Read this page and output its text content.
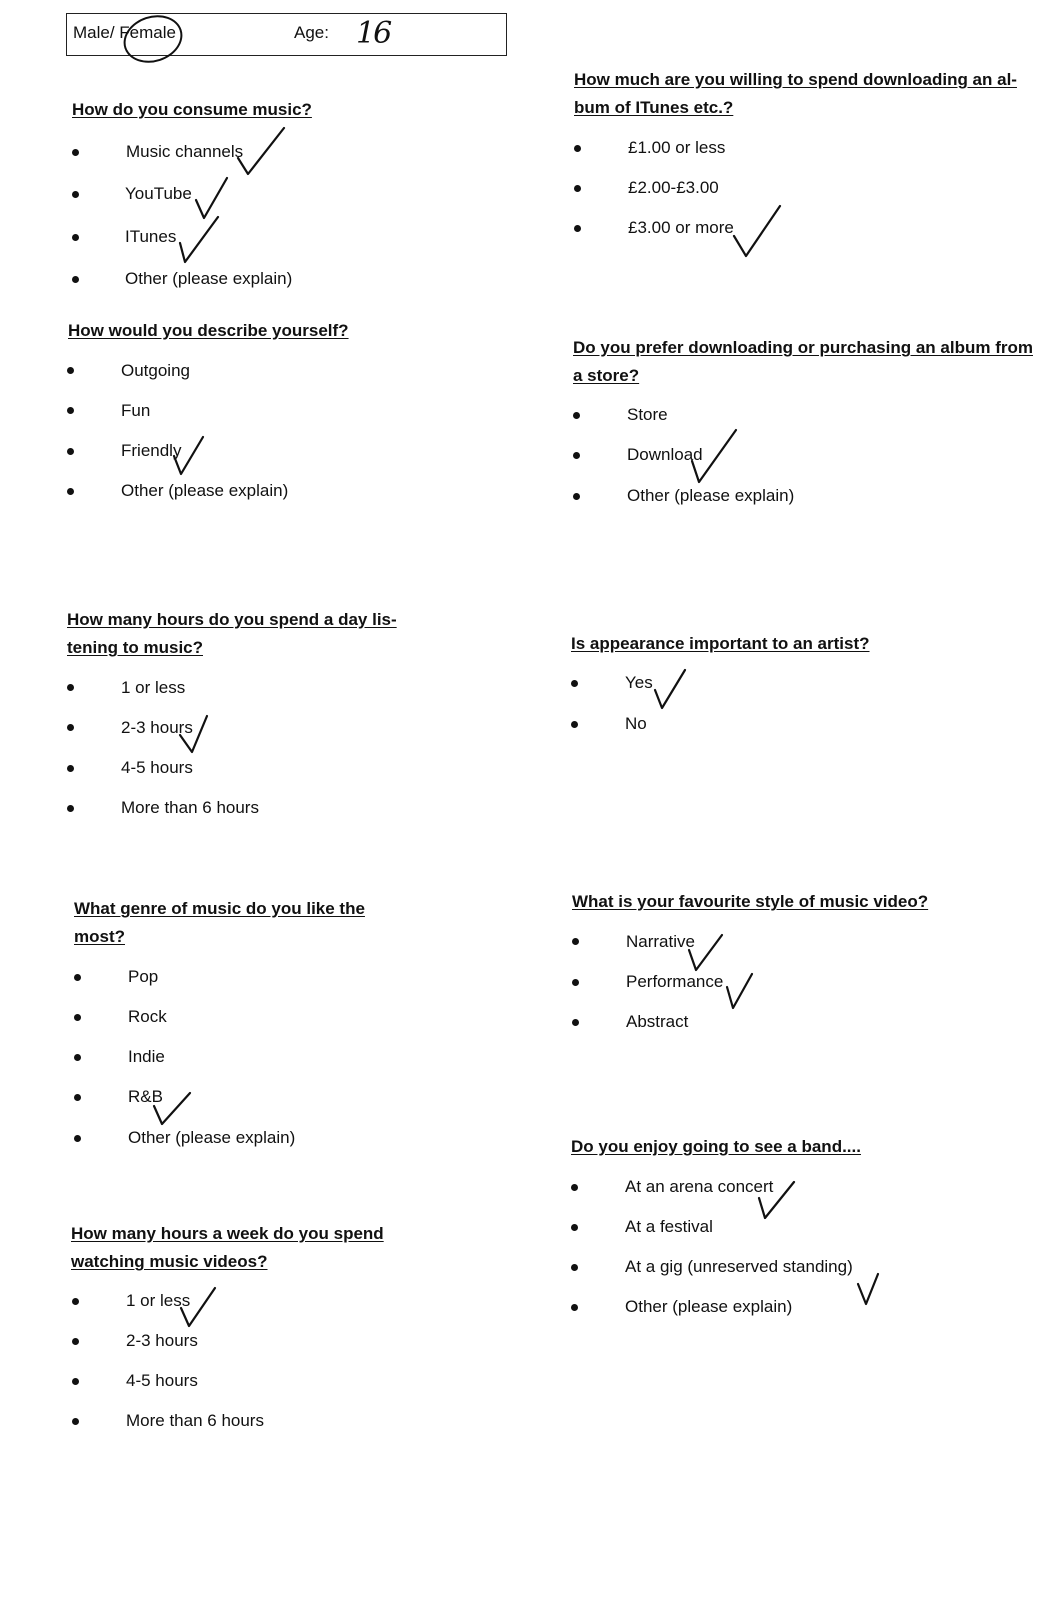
Male/ Female	Age: 16
How do you consume music?
Music channels
YouTube
ITunes
Other (please explain)
How would you describe yourself?
Outgoing
Fun
Friendly
Other (please explain)
How many hours do you spend a day lis-
tening to music?
1 or less
2-3 hours
4-5 hours
More than 6 hours
What genre of music do you like the
most?
Pop
Rock
Indie
R&B
Other (please explain)
How many hours a week do you spend
watching music videos?
1 or less
2-3 hours
4-5 hours
More than 6 hours
How much are you willing to spend downloading an al-
bum of ITunes etc.?
£1.00 or less
£2.00-£3.00
£3.00 or more
Do you prefer downloading or purchasing an album from
a store?
Store
Download
Other (please explain)
Is appearance important to an artist?
Yes
No
What is your favourite style of music video?
Narrative
Performance
Abstract
Do you enjoy going to see a band....
At an arena concert
At a festival
At a gig (unreserved standing)
Other (please explain)
